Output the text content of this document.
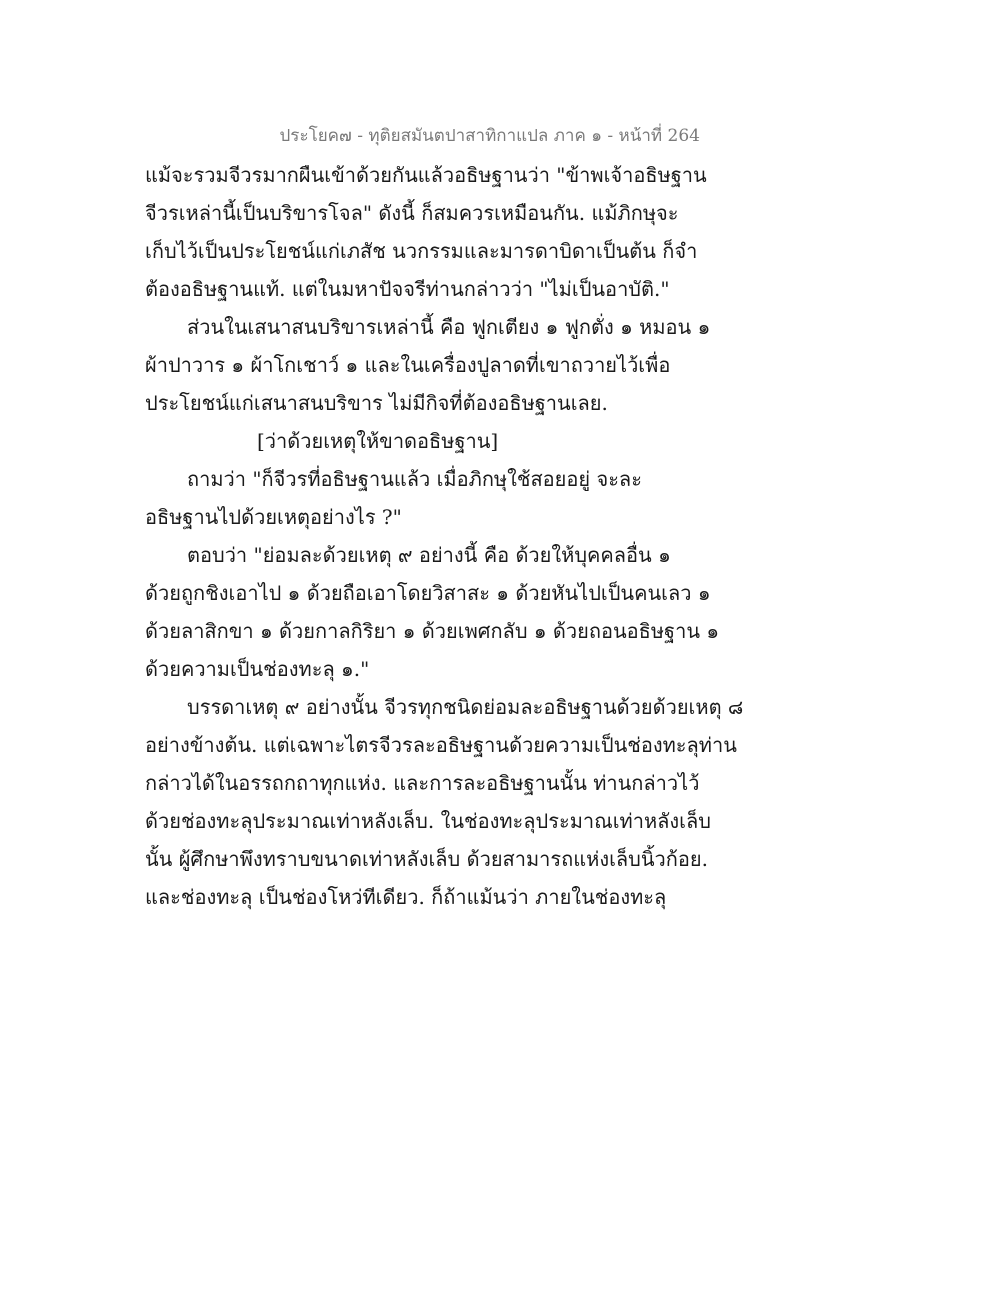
ประโยค๗ - ทุติยสมันตปาสาทิกาแปล ภาค ๑ - หน้าที่ 264
แม้จะรวมจีวรมากผืนเข้าด้วยกันแล้วอธิษฐานว่า "ข้าพเจ้าอธิษฐาน
จีวรเหล่านี้เป็นบริขารโจล" ดังนี้ ก็สมควรเหมือนกัน. แม้ภิกษุจะ
เก็บไว้เป็นประโยชน์แก่เภสัช นวกรรมและมารดาบิดาเป็นต้น ก็จำ
ต้องอธิษฐานแท้. แต่ในมหาปัจจรีท่านกล่าวว่า "ไม่เป็นอาบัติ."
ส่วนในเสนาสนบริขารเหล่านี้ คือ ฟูกเตียง ๑ ฟูกตั่ง ๑ หมอน ๑
ผ้าปาวาร ๑ ผ้าโกเชาว์ ๑ และในเครื่องปูลาดที่เขาถวายไว้เพื่อ
ประโยชน์แก่เสนาสนบริขาร ไม่มีกิจที่ต้องอธิษฐานเลย.
[ว่าด้วยเหตุให้ขาดอธิษฐาน]
ถามว่า "ก็จีวรที่อธิษฐานแล้ว เมื่อภิกษุใช้สอยอยู่ จะละ
อธิษฐานไปด้วยเหตุอย่างไร ?"
ตอบว่า "ย่อมละด้วยเหตุ ๙ อย่างนี้ คือ ด้วยให้บุคคลอื่น ๑
ด้วยถูกชิงเอาไป ๑ ด้วยถือเอาโดยวิสาสะ ๑ ด้วยหันไปเป็นคนเลว ๑
ด้วยลาสิกขา ๑ ด้วยกาลกิริยา ๑ ด้วยเพศกลับ ๑ ด้วยถอนอธิษฐาน ๑
ด้วยความเป็นช่องทะลุ ๑."
บรรดาเหตุ ๙ อย่างนั้น จีวรทุกชนิดย่อมละอธิษฐานด้วยด้วยเหตุ ๘
อย่างข้างต้น. แต่เฉพาะไตรจีวรละอธิษฐานด้วยความเป็นช่องทะลุท่าน
กล่าวได้ในอรรถกถาทุกแห่ง. และการละอธิษฐานนั้น ท่านกล่าวไว้
ด้วยช่องทะลุประมาณเท่าหลังเล็บ. ในช่องทะลุประมาณเท่าหลังเล็บ
นั้น ผู้ศึกษาพึงทราบขนาดเท่าหลังเล็บ ด้วยสามารถแห่งเล็บนิ้วก้อย.
และช่องทะลุ เป็นช่องโหว่ทีเดียว. ก็ถ้าแม้นว่า ภายในช่องทะลุ
